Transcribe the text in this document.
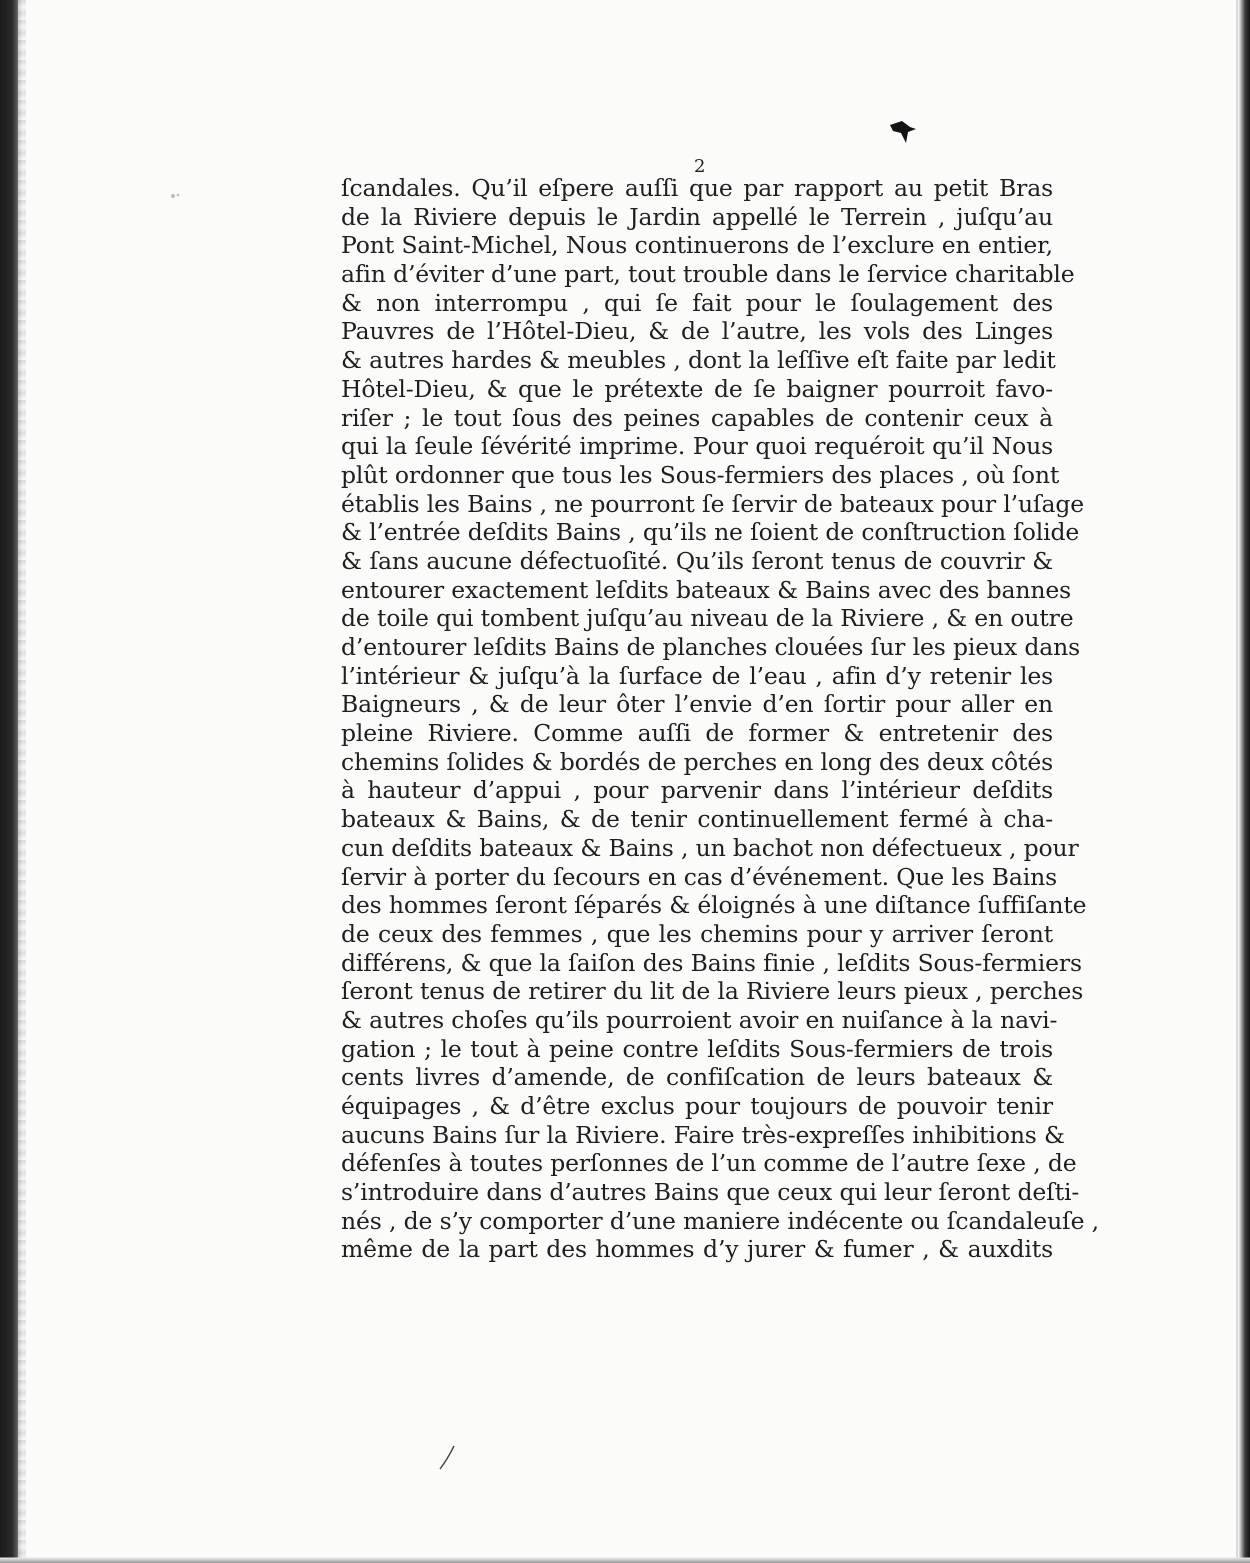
2
ſcandales. Qu’il eſpere auſſi que par rapport au petit Bras
de la Riviere depuis le Jardin appellé le Terrein , juſqu’au
Pont Saint-Michel, Nous continuerons de l’exclure en entier,
afin d’éviter d’une part, tout trouble dans le ſervice charitable
& non interrompu , qui ſe fait pour le ſoulagement des
Pauvres de l’Hôtel-Dieu, & de l’autre, les vols des Linges
& autres hardes & meubles , dont la leſſive eſt faite par ledit
Hôtel-Dieu, & que le prétexte de ſe baigner pourroit favo-
riſer ; le tout ſous des peines capables de contenir ceux à
qui la ſeule ſévérité imprime. Pour quoi requéroit qu’il Nous
plût ordonner que tous les Sous-fermiers des places , où ſont
établis les Bains , ne pourront ſe ſervir de bateaux pour l’uſage
& l’entrée deſdits Bains , qu’ils ne ſoient de conſtruction ſolide
& ſans aucune défectuoſité. Qu’ils ſeront tenus de couvrir &
entourer exactement leſdits bateaux & Bains avec des bannes
de toile qui tombent juſqu’au niveau de la Riviere , & en outre
d’entourer leſdits Bains de planches clouées ſur les pieux dans
l’intérieur & juſqu’à la ſurface de l’eau , afin d’y retenir les
Baigneurs , & de leur ôter l’envie d’en ſortir pour aller en
pleine Riviere. Comme auſſi de former & entretenir des
chemins ſolides & bordés de perches en long des deux côtés
à hauteur d’appui , pour parvenir dans l’intérieur deſdits
bateaux & Bains, & de tenir continuellement fermé à cha-
cun deſdits bateaux & Bains , un bachot non défectueux , pour
ſervir à porter du ſecours en cas d’événement. Que les Bains
des hommes ſeront ſéparés & éloignés à une diſtance ſuffiſante
de ceux des femmes , que les chemins pour y arriver ſeront
différens, & que la ſaiſon des Bains finie , leſdits Sous-fermiers
ſeront tenus de retirer du lit de la Riviere leurs pieux , perches
& autres choſes qu’ils pourroient avoir en nuiſance à la navi-
gation ; le tout à peine contre leſdits Sous-fermiers de trois
cents livres d’amende, de confiſcation de leurs bateaux &
équipages , & d’être exclus pour toujours de pouvoir tenir
aucuns Bains ſur la Riviere. Faire très-expreſſes inhibitions &
défenſes à toutes perſonnes de l’un comme de l’autre ſexe , de
s’introduire dans d’autres Bains que ceux qui leur ſeront deſti-
nés , de s’y comporter d’une maniere indécente ou ſcandaleuſe ,
même de la part des hommes d’y jurer & fumer , & auxdits
